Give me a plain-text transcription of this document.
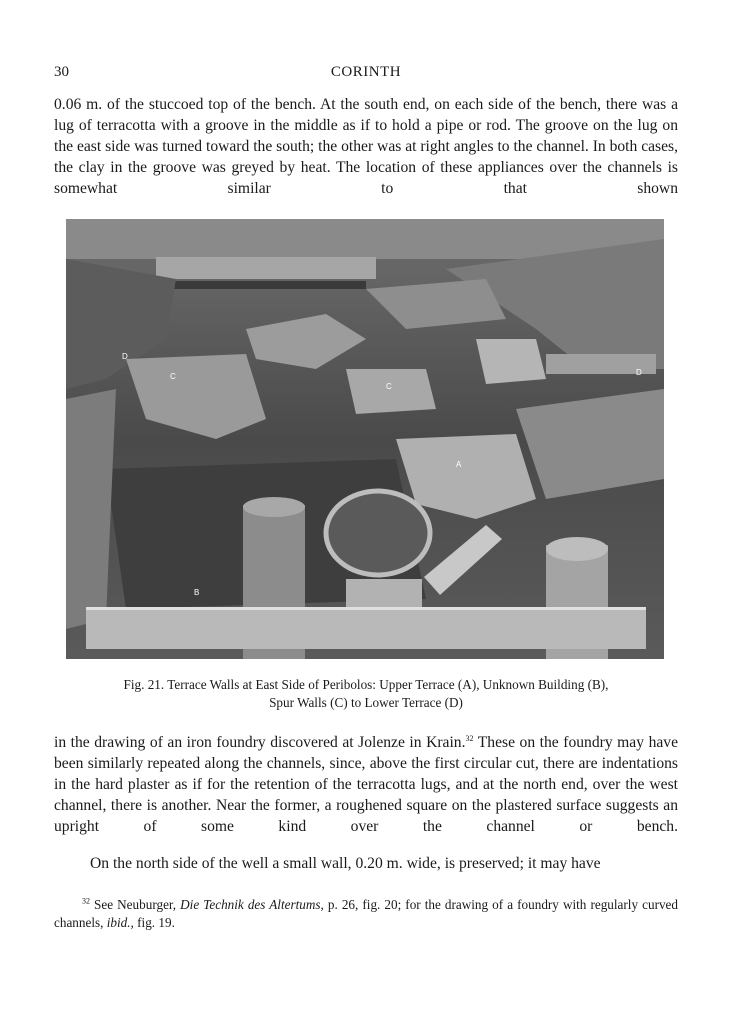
30	CORINTH

0.06 m. of the stuccoed top of the bench. At the south end, on each side of the bench, there was a lug of terracotta with a groove in the middle as if to hold a pipe or rod. The groove on the lug on the east side was turned toward the south; the other was at right angles to the channel. In both cases, the clay in the groove was greyed by heat. The location of these appliances over the channels is somewhat similar to that shown

D
C
C
D
A
B

Fig. 21. Terrace Walls at East Side of Peribolos: Upper Terrace (A), Unknown Building (B),
Spur Walls (C) to Lower Terrace (D)

in the drawing of an iron foundry discovered at Jolenze in Krain.$^{32}$ These on the foundry may have been similarly repeated along the channels, since, above the first circular cut, there are indentations in the hard plaster as if for the retention of the terracotta lugs, and at the north end, over the west channel, there is another. Near the former, a roughened square on the plastered surface suggests an upright of some kind over the channel or bench.

On the north side of the well a small wall, 0.20 m. wide, is preserved; it may have

$^{32}$ See Neuburger, Die Technik des Altertums, p. 26, fig. 20; for the drawing of a foundry with regularly curved channels, ibid., fig. 19.
